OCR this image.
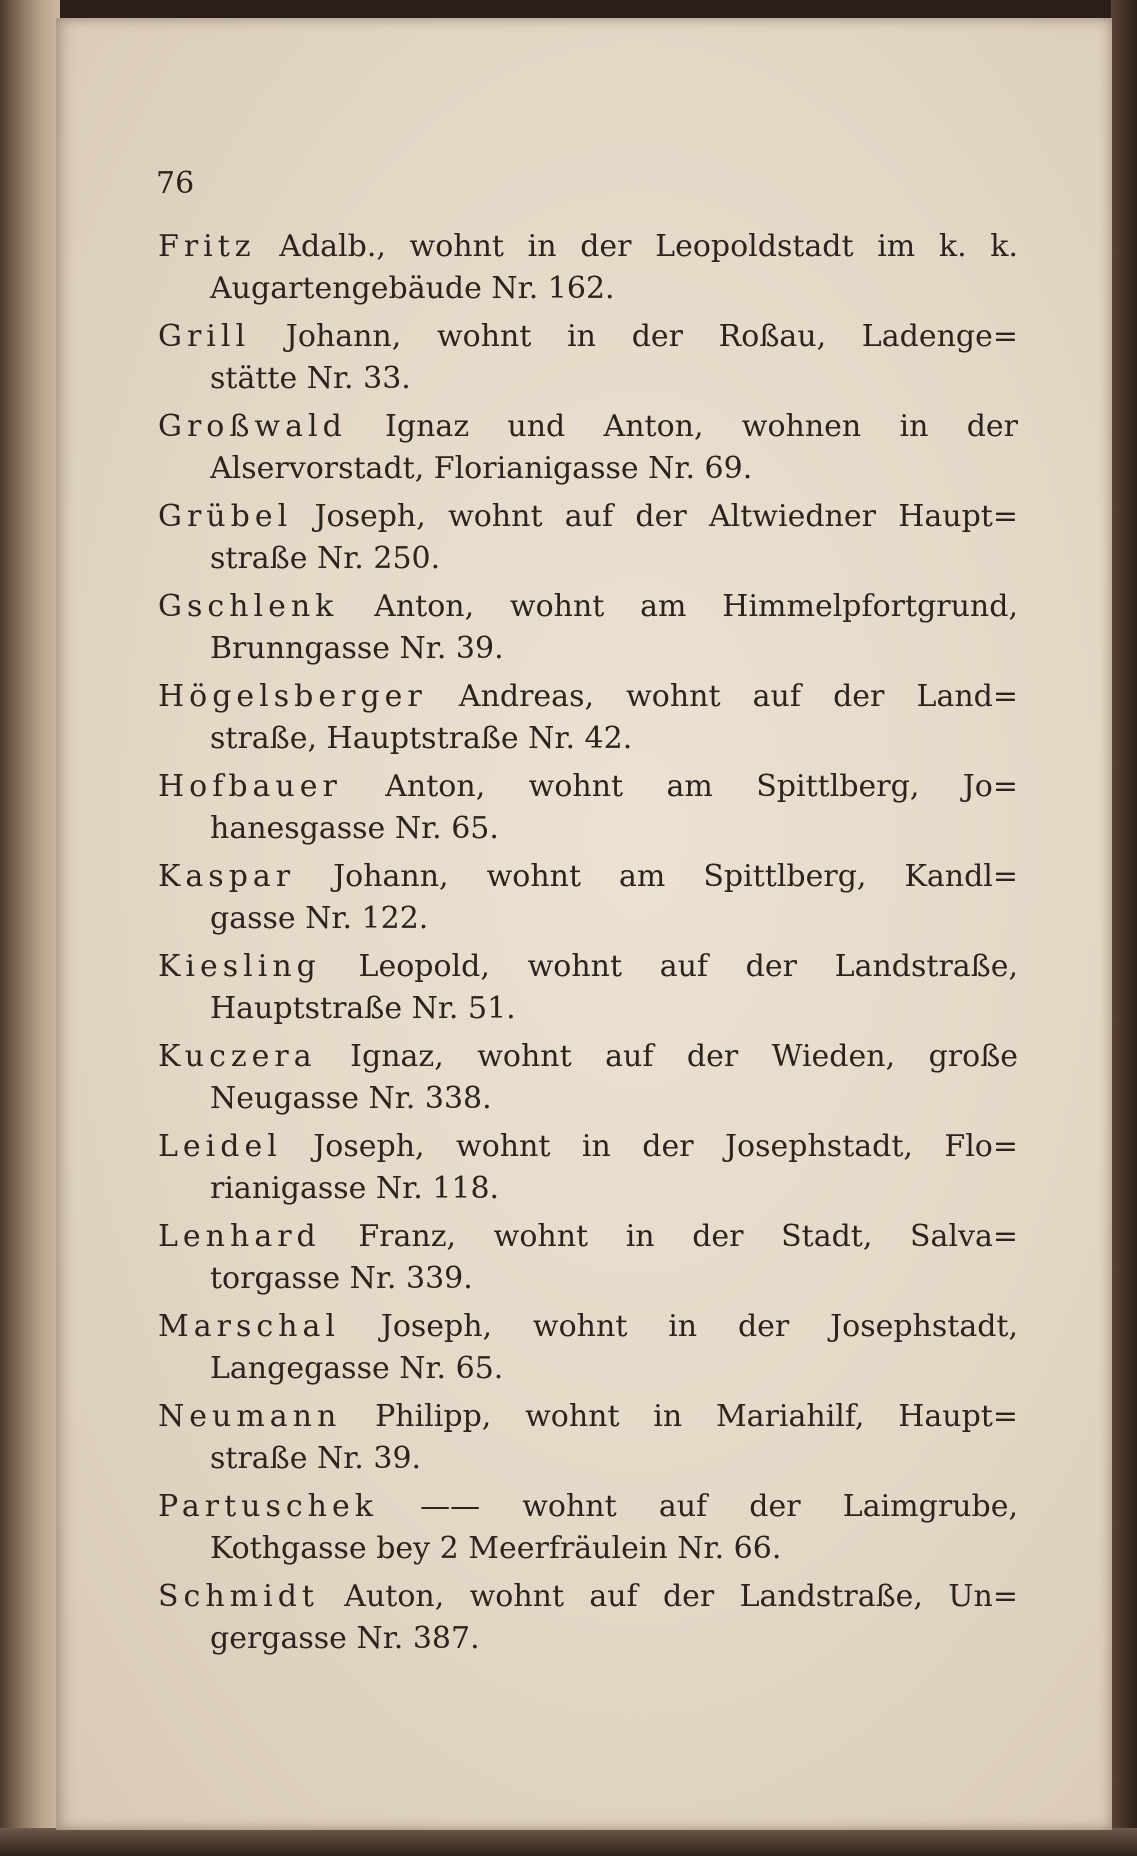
76
Fritz Adalb., wohnt in der Leopoldstadt im k. k.
Augartengebäude Nr. 162.
Grill Johann, wohnt in der Roßau, Ladenge=
stätte Nr. 33.
Großwald Ignaz und Anton, wohnen in der
Alservorstadt, Florianigasse Nr. 69.
Grübel Joseph, wohnt auf der Altwiedner Haupt=
straße Nr. 250.
Gschlenk Anton, wohnt am Himmelpfortgrund,
Brunngasse Nr. 39.
Högelsberger Andreas, wohnt auf der Land=
straße, Hauptstraße Nr. 42.
Hofbauer Anton, wohnt am Spittlberg, Jo=
hanesgasse Nr. 65.
Kaspar Johann, wohnt am Spittlberg, Kandl=
gasse Nr. 122.
Kiesling Leopold, wohnt auf der Landstraße,
Hauptstraße Nr. 51.
Kuczera Ignaz, wohnt auf der Wieden, große
Neugasse Nr. 338.
Leidel Joseph, wohnt in der Josephstadt, Flo=
rianigasse Nr. 118.
Lenhard Franz, wohnt in der Stadt, Salva=
torgasse Nr. 339.
Marschal Joseph, wohnt in der Josephstadt,
Langegasse Nr. 65.
Neumann Philipp, wohnt in Mariahilf, Haupt=
straße Nr. 39.
Partuschek —— wohnt auf der Laimgrube,
Kothgasse bey 2 Meerfräulein Nr. 66.
Schmidt Auton, wohnt auf der Landstraße, Un=
gergasse Nr. 387.
